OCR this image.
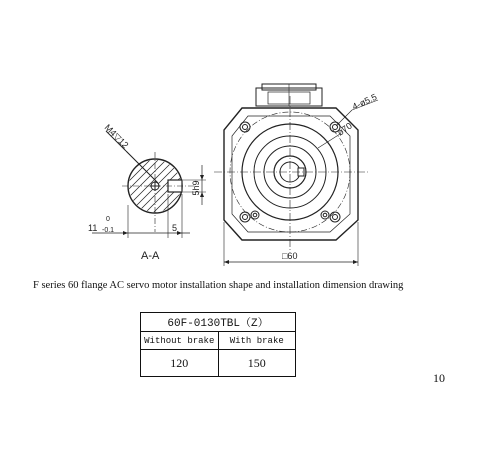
M4▽12
5h9
11
0
-0.1	5
A-A
4-ø5.5
ø70
□60
F series 60 flange AC servo motor installation shape and installation dimension drawing
60F-0130TBL（Z）	
Without brake	With brake
120	150
10
